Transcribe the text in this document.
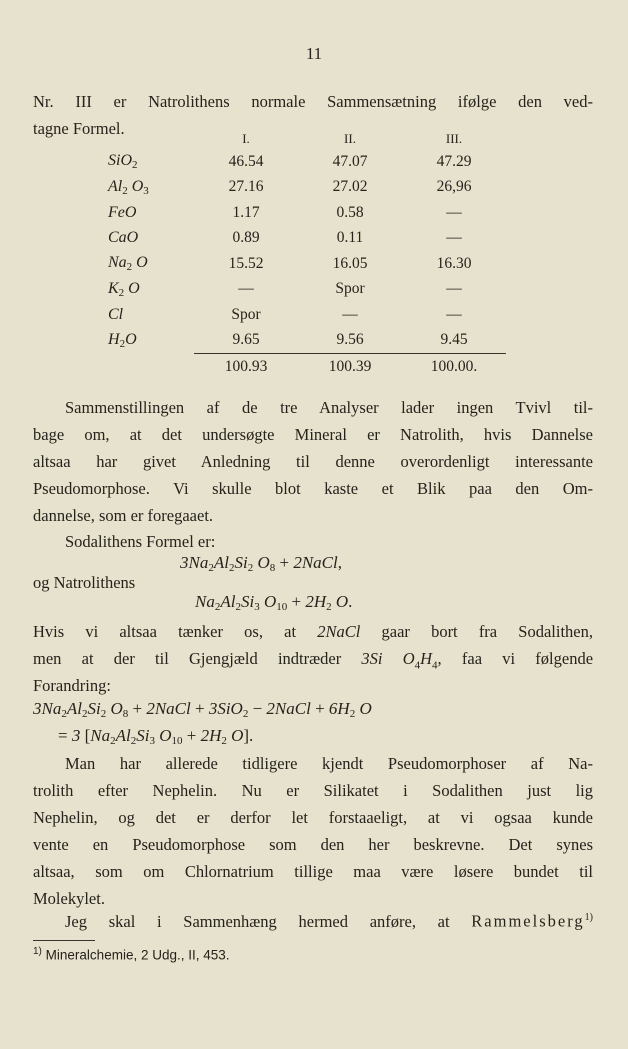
11

Nr. III er Natrolithens normale Sammensætning ifølge den ved-

tagne Formel.

	I.	II.	III.
SiO$_2$	46.54	47.07	47.29
$Al_2$ $O_3$	27.16	27.02	26,96
FeO	1.17	0.58	—
CaO	0.89	0.11	—
$Na_2$ O	15.52	16.05	16.30
$K_2$ O	—	Spor	—
Cl	Spor	—	—
$H_2O$	9.65	9.56	9.45
	100.93	100.39	100.00.

Sammenstillingen af de tre Analyser lader ingen Tvivl til-

bage om, at det undersøgte Mineral er Natrolith, hvis Dannelse

altsaa har givet Anledning til denne overordenligt interessante

Pseudomorphose. Vi skulle blot kaste et Blik paa den Om-

dannelse, som er foregaaet.

Sodalithens Formel er:

$3Na_2Al_2Si_2$ $O_8$ + 2NaCl,

og Natrolithens

$Na_2Al_2Si_3$ $O_{10} + 2H_2$ O.

Hvis vi altsaa tænker os, at 2NaCl gaar bort fra Sodalithen,

men at der til Gjengjæld indtræder 3Si $O_4H_4$, faa vi følgende

Forandring:

$3Na_2Al_2Si_2$ $O_8$ + 2NaCl + 3SiO$_2$ − 2NaCl + $6H_2$ O
= 3 [$Na_2Al_2Si_3$ $O_{10} + 2H_2$ O].

Man har allerede tidligere kjendt Pseudomorphoser af Na-

trolith efter Nephelin. Nu er Silikatet i Sodalithen just lig

Nephelin, og det er derfor let forstaaeligt, at vi ogsaa kunde

vente en Pseudomorphose som den her beskrevne. Det synes

altsaa, som om Chlornatrium tillige maa være løsere bundet til

Molekylet.

Jeg skal i Sammenhæng hermed anføre, at Rammelsberg$^{1)}$

$^{1)}$ Mineralchemie, 2 Udg., II, 453.
